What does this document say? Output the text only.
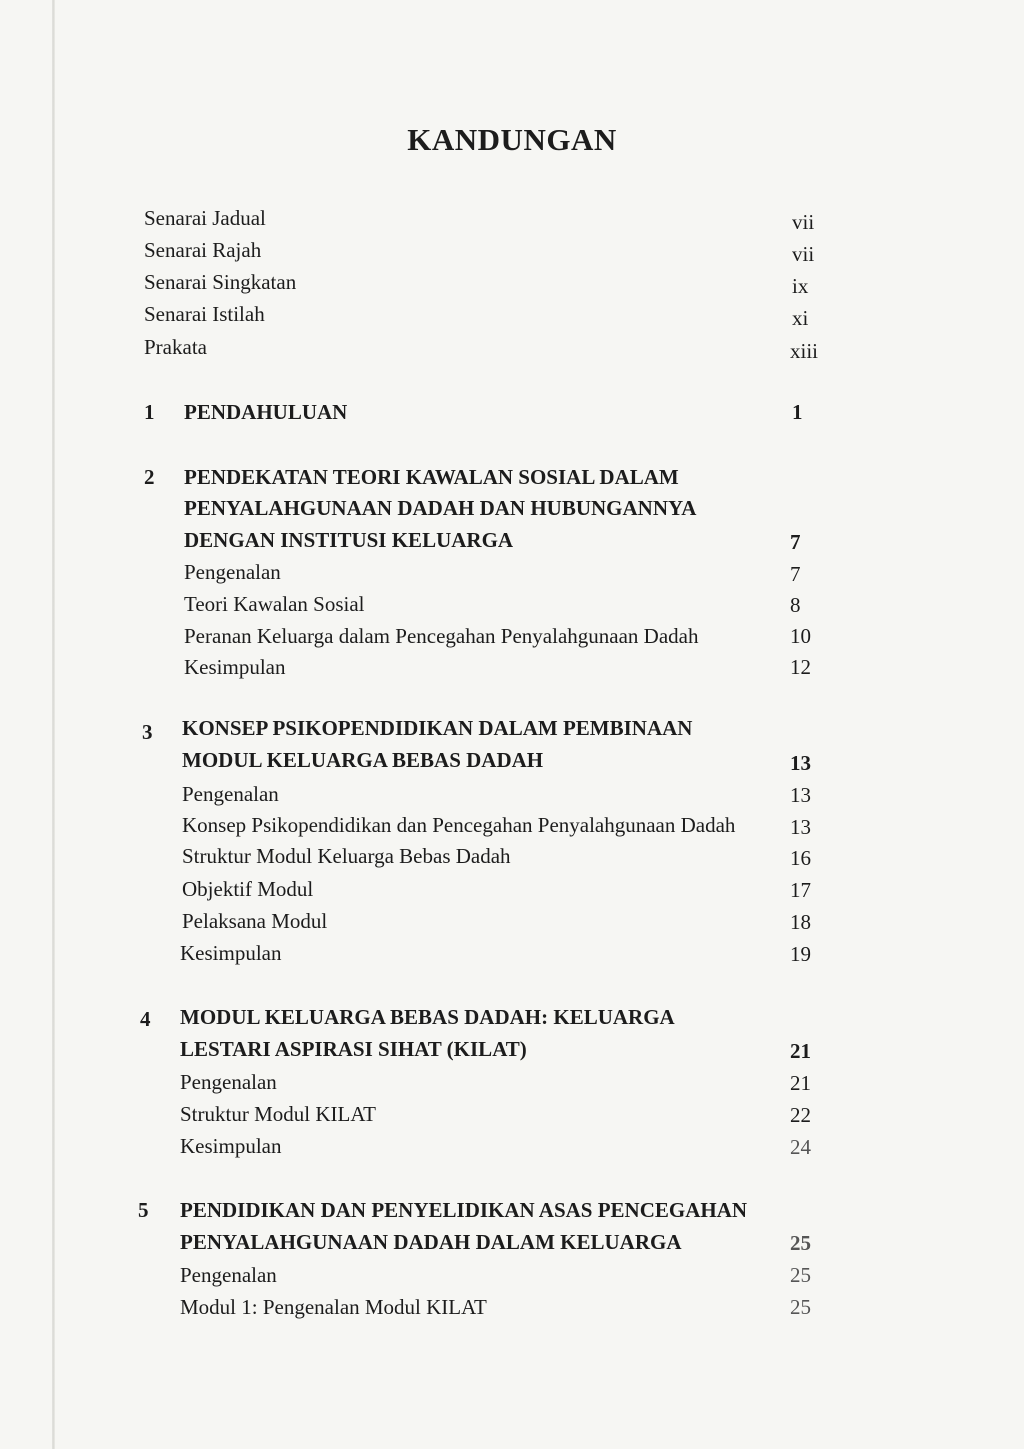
KANDUNGAN
Senarai Jadual	vii
Senarai Rajah	vii
Senarai Singkatan	ix
Senarai Istilah	xi
Prakata	xiii
1 PENDAHULUAN	1
2 PENDEKATAN TEORI KAWALAN SOSIAL DALAM
PENYALAHGUNAAN DADAH DAN HUBUNGANNYA
DENGAN INSTITUSI KELUARGA	7
Pengenalan	7
Teori Kawalan Sosial	8
Peranan Keluarga dalam Pencegahan Penyalahgunaan Dadah	10
Kesimpulan	12
3 KONSEP PSIKOPENDIDIKAN DALAM PEMBINAAN
MODUL KELUARGA BEBAS DADAH	13
Pengenalan	13
Konsep Psikopendidikan dan Pencegahan Penyalahgunaan Dadah	13
Struktur Modul Keluarga Bebas Dadah	16
Objektif Modul	17
Pelaksana Modul	18
Kesimpulan	19
4 MODUL KELUARGA BEBAS DADAH: KELUARGA
LESTARI ASPIRASI SIHAT (KILAT)	21
Pengenalan	21
Struktur Modul KILAT	22
Kesimpulan	24
5 PENDIDIKAN DAN PENYELIDIKAN ASAS PENCEGAHAN
PENYALAHGUNAAN DADAH DALAM KELUARGA	25
Pengenalan	25
Modul 1: Pengenalan Modul KILAT	25
